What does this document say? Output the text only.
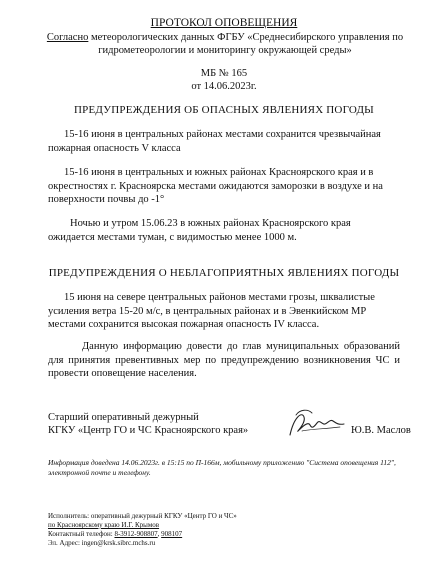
ПРОТОКОЛ ОПОВЕЩЕНИЯ
Согласно метеорологических данных ФГБУ «Среднесибирского управления по
гидрометеорологии и мониторингу окружающей среды»
МБ № 165
от 14.06.2023г.
ПРЕДУПРЕЖДЕНИЯ ОБ ОПАСНЫХ ЯВЛЕНИЯХ ПОГОДЫ
15-16 июня в центральных районах местами сохранится чрезвычайная пожарная опасность V класса
15-16 июня в центральных и южных районах Красноярского края и в окрестностях г. Красноярска местами ожидаются заморозки в воздухе и на поверхности почвы до -1°
Ночью и утром 15.06.23 в южных районах Красноярского края ожидается местами туман, с видимостью менее 1000 м.
ПРЕДУПРЕЖДЕНИЯ О НЕБЛАГОПРИЯТНЫХ ЯВЛЕНИЯХ ПОГОДЫ
15 июня на севере центральных районов местами грозы, шквалистые усиления ветра 15-20 м/с, в центральных районах и в Эвенкийском МР местами сохранится высокая пожарная опасность IV класса.
Данную информацию довести до глав муниципальных образований для принятия превентивных мер по предупреждению возникновения ЧС и провести оповещение населения.
Старший оперативный дежурный
КГКУ «Центр ГО и ЧС Красноярского края»	Ю.В. Маслов
Информация доведена 14.06.2023г. в 15:15 по П-166м, мобильному приложению "Система оповещения 112", электронной почте и телефону.
Исполнитель: оперативный дежурный КГКУ «Центр ГО и ЧС»
по Красноярскому краю И.Г. Крымов
Контактный телефон: 8-3912-908807, 908107
Эл. Адрес: ingen@krsk.sibrc.mchs.ru
